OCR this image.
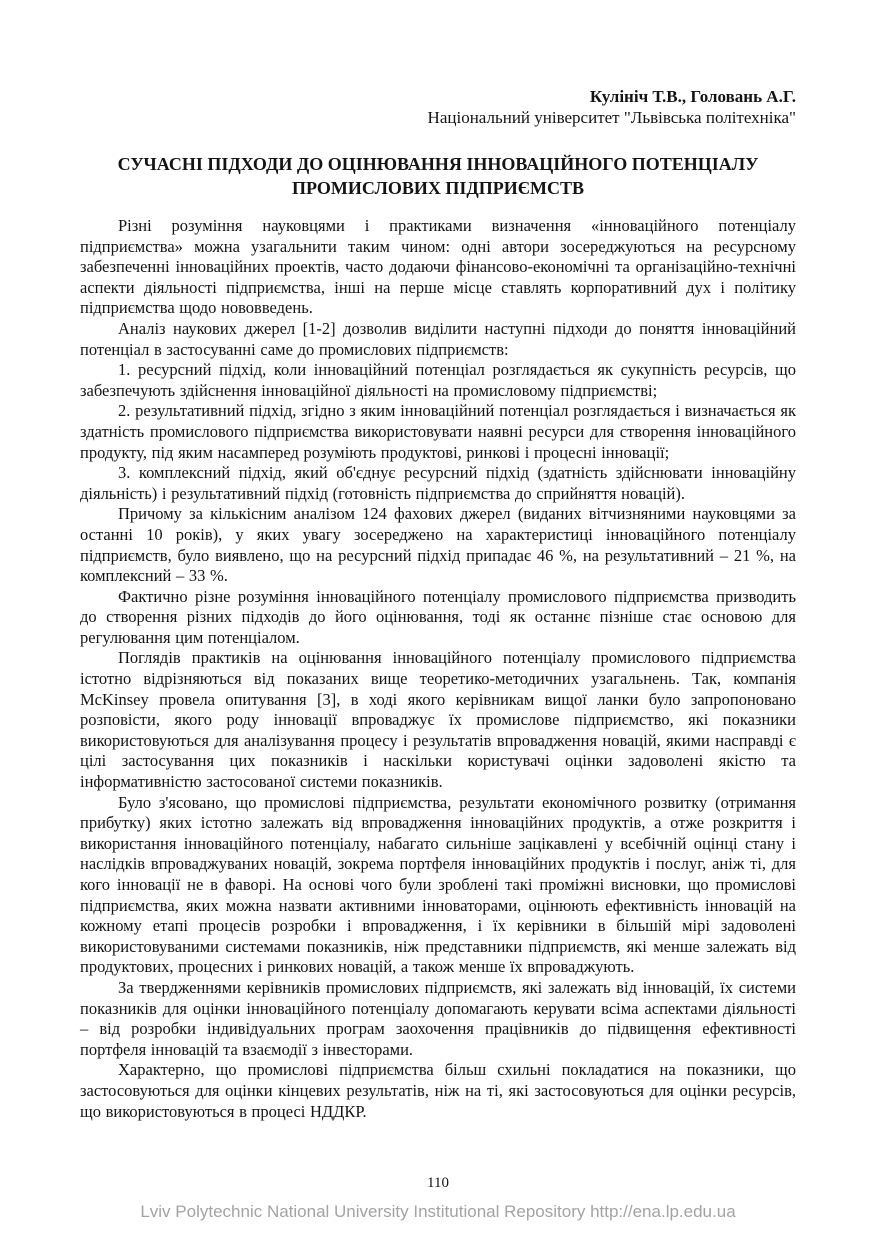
Кулініч Т.В., Головань А.Г.
Національний університет "Львівська політехніка"
СУЧАСНІ ПІДХОДИ ДО ОЦІНЮВАННЯ ІННОВАЦІЙНОГО ПОТЕНЦІАЛУ ПРОМИСЛОВИХ ПІДПРИЄМСТВ

Різні розуміння науковцями і практиками визначення «інноваційного потенціалу підприємства» можна узагальнити таким чином: одні автори зосереджуються на ресурсному забезпеченні інноваційних проектів, часто додаючи фінансово-економічні та організаційно-технічні аспекти діяльності підприємства, інші на перше місце ставлять корпоративний дух і політику підприємства щодо нововведень.

Аналіз наукових джерел [1-2] дозволив виділити наступні підходи до поняття інноваційний потенціал в застосуванні саме до промислових підприємств:

1. ресурсний підхід, коли інноваційний потенціал розглядається як сукупність ресурсів, що забезпечують здійснення інноваційної діяльності на промисловому підприємстві;

2. результативний підхід, згідно з яким інноваційний потенціал розглядається і визначається як здатність промислового підприємства використовувати наявні ресурси для створення інноваційного продукту, під яким насамперед розуміють продуктові, ринкові і процесні інновації;

3. комплексний підхід, який об'єднує ресурсний підхід (здатність здійснювати інноваційну діяльність) і результативний підхід (готовність підприємства до сприйняття новацій).

Причому за кількісним аналізом 124 фахових джерел (виданих вітчизняними науковцями за останні 10 років), у яких увагу зосереджено на характеристиці інноваційного потенціалу підприємств, було виявлено, що на ресурсний підхід припадає 46 %, на результативний – 21 %, на комплексний – 33 %.

Фактично різне розуміння інноваційного потенціалу промислового підприємства призводить до створення різних підходів до його оцінювання, тоді як останнє пізніше стає основою для регулювання цим потенціалом.

Поглядів практиків на оцінювання інноваційного потенціалу промислового підприємства істотно відрізняються від показаних вище теоретико-методичних узагальнень. Так, компанія McKinsey провела опитування [3], в ході якого керівникам вищої ланки було запропоновано розповісти, якого роду інновації впроваджує їх промислове підприємство, які показники використовуються для аналізування процесу і результатів впровадження новацій, якими насправді є цілі застосування цих показників і наскільки користувачі оцінки задоволені якістю та інформативністю застосованої системи показників.

Було з'ясовано, що промислові підприємства, результати економічного розвитку (отримання прибутку) яких істотно залежать від впровадження інноваційних продуктів, а отже розкриття і використання інноваційного потенціалу, набагато сильніше зацікавлені у всебічній оцінці стану і наслідків впроваджуваних новацій, зокрема портфеля інноваційних продуктів і послуг, аніж ті, для кого інновації не в фаворі. На основі чого були зроблені такі проміжні висновки, що промислові підприємства, яких можна назвати активними інноваторами, оцінюють ефективність інновацій на кожному етапі процесів розробки і впровадження, і їх керівники в більшій мірі задоволені використовуваними системами показників, ніж представники підприємств, які менше залежать від продуктових, процесних і ринкових новацій, а також менше їх впроваджують.

За твердженнями керівників промислових підприємств, які залежать від інновацій, їх системи показників для оцінки інноваційного потенціалу допомагають керувати всіма аспектами діяльності – від розробки індивідуальних програм заохочення працівників до підвищення ефективності портфеля інновацій та взаємодії з інвесторами.

Характерно, що промислові підприємства більш схильні покладатися на показники, що застосовуються для оцінки кінцевих результатів, ніж на ті, які застосовуються для оцінки ресурсів, що використовуються в процесі НДДКР.

110
Lviv Polytechnic National University Institutional Repository http://ena.lp.edu.ua
